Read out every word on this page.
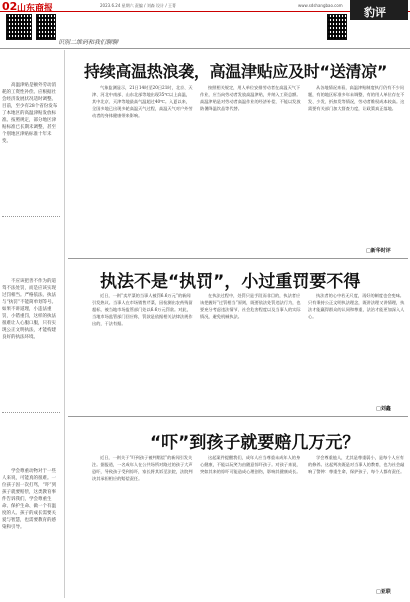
02 山东商报	2023.6.24 星期六 责编 / 刘森 设计 / 王菁	www.sdshangbao.com
豹评
识别二维码和我们聊聊
高温津贴是额外劳动消耗的工资性补偿。应根据社会经济发展状况适时调整。目前，至少有28个省份发布了本地区的高温津贴发放标准。按照规定，部分地区津贴标准已长期未调整，甚至个别地区津贴标准十年未变。
不应该把善不作为的道驾不法处罚，而是应该实现过罚相当。严格依法、执法与“执罚”不能简单划等号。如果不讲道理，小违法重罚，小错重罚，这样的执法很难让人心服口服，只有实现公正文明执法，才能构建良好的执法环境。
学会尊重动物对于一些人来说，可能真的很难。一位孩子因一次打骂，“吓”到孩子就要赔偿，这类教育事件告诉我们，学会尊重生命、保护生命、做一个有温度的人。孩子的成长需要关爱与智慧，也需要教育的感染和引导。
持续高温热浪袭，高温津贴应及时“送清凉”
气象监测显示，21日14时至20日21时，北京、天津、河北中南部、山东北部等地出现35℃以上高温，其中北京、天津等地最高气温超过40℃。入夏以来，全国多地已出现多轮高温天气过程，高温天气对户外劳动者的身体健康带来影响。
按照相关规定，用人单位安排劳动者在高温天气下作业，应当向劳动者发放高温津贴，并纳入工资总额。高温津贴是对劳动者高温作业的经济补偿，不能以发放防暑降温饮品等代替。
从各地情况来看，高温津贴制度执行仍有不少问题，有的地区标准多年未调整，有的用人单位存在不发、少发、折扣发等情况，劳动者维权成本较高。这需要有关部门加大督查力度，让政策真正落地。
□新华时评
执法不是“执罚”，小过重罚要不得
近日，一则“卖芹菜的当事人被罚6.6万元”的新闻引发热议。当事人在市场销售芹菜，因检测出农药残留超标，被当地市场监管部门处以6.6万元罚款。对此，当地市场监管部门回应称，罚款是依据相关法律法规作出的，于法有据。
在执法过程中，处罚只是手段而非目的，执法者应该把握好“过罚相当”原则，既要依法处罚违法行为，也要充分考虑违法情节、社会危害程度以及当事人的实际情况，避免机械执法。
执法者的心中若无尺度，再好的制度也会变味。只有秉持公正文明执法理念，既讲法理又讲情理，执法才能赢得群众的认同和尊重，法治才能更加深入人心。
□刘鑫
“吓”到孩子就要赔几万元？
近日，一则关于“吓到孩子被判赔偿”的新闻引发关注。据报道，一名成年人在公共场所对路过的孩子大声恐吓，导致孩子受到惊吓，家长将其诉至法院，法院判决其承担相应的赔偿责任。
这起案件提醒我们，成年人应当尊重未成年人的身心健康，不能以玩笑为由随意惊吓孩子。对孩子来说，突如其来的惊吓可能造成心理创伤，影响其健康成长。
学会尊重他人，尤其是尊重弱小，是每个人应有的修养。这起判决既是对当事人的教育，也为社会敲响了警钟：尊重生命，保护孩子，每个人都有责任。
□亚联
